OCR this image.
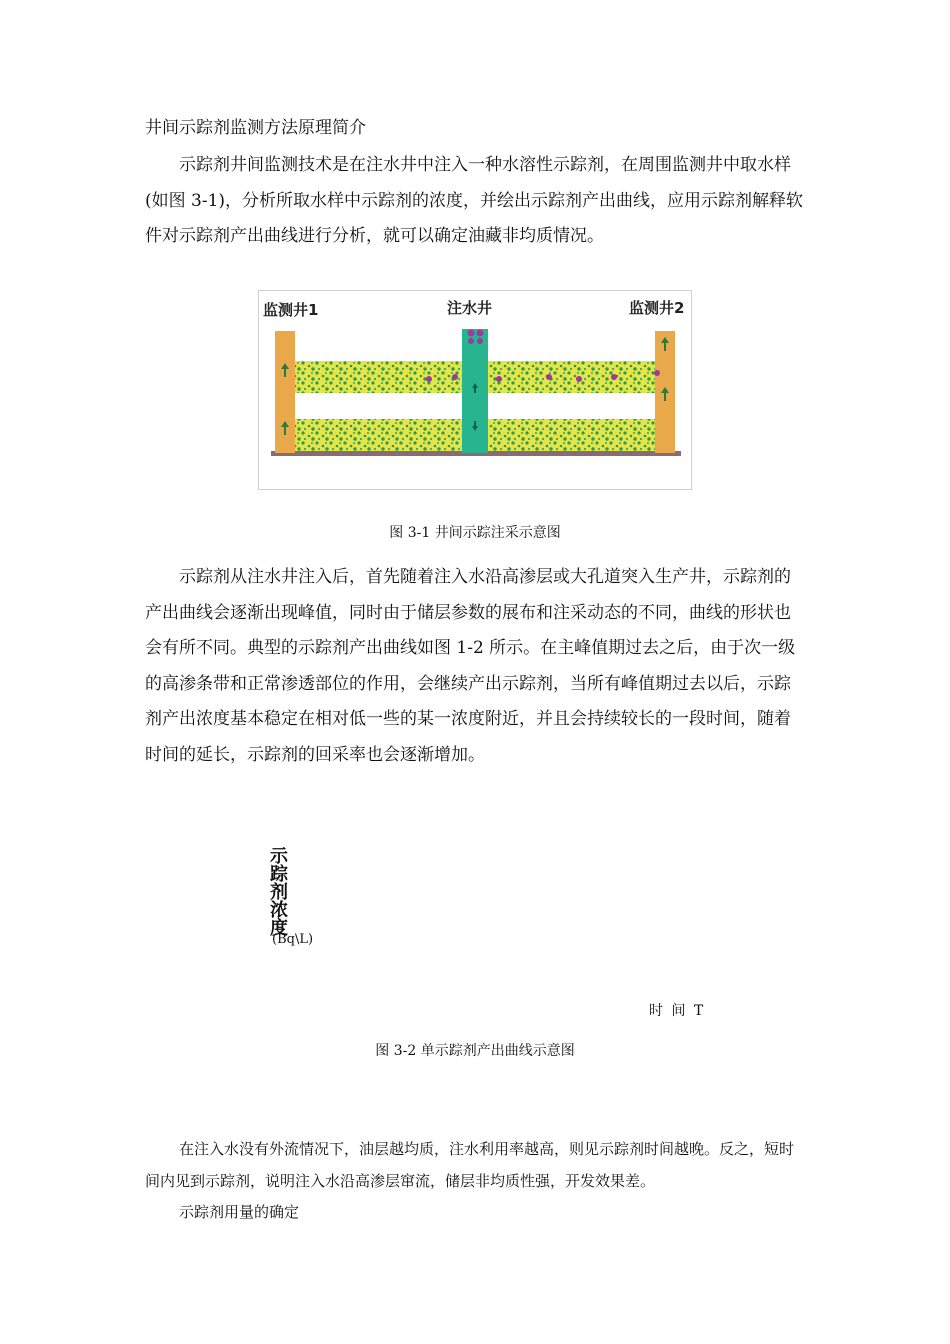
井间示踪剂监测方法原理简介

示踪剂井间监测技术是在注水井中注入一种水溶性示踪剂，在周围监测井中取水样(如图 3-1)，分析所取水样中示踪剂的浓度，并绘出示踪剂产出曲线，应用示踪剂解释软件对示踪剂产出曲线进行分析，就可以确定油藏非均质情况。

监测井1	注水井	监测井2
图 3-1 井间示踪注采示意图

示踪剂从注水井注入后，首先随着注入水沿高渗层或大孔道突入生产井，示踪剂的产出曲线会逐渐出现峰值，同时由于储层参数的展布和注采动态的不同，曲线的形状也会有所不同。典型的示踪剂产出曲线如图 1-2 所示。在主峰值期过去之后，由于次一级的高渗条带和正常渗透部位的作用，会继续产出示踪剂，当所有峰值期过去以后，示踪剂产出浓度基本稳定在相对低一些的某一浓度附近，并且会持续较长的一段时间，随着时间的延长，示踪剂的回采率也会逐渐增加。

示踪剂浓度
(Bq\L)
时 间 T
图 3-2 单示踪剂产出曲线示意图

在注入水没有外流情况下，油层越均质，注水利用率越高，则见示踪剂时间越晚。反之，短时间内见到示踪剂，说明注入水沿高渗层窜流，储层非均质性强，开发效果差。

示踪剂用量的确定
